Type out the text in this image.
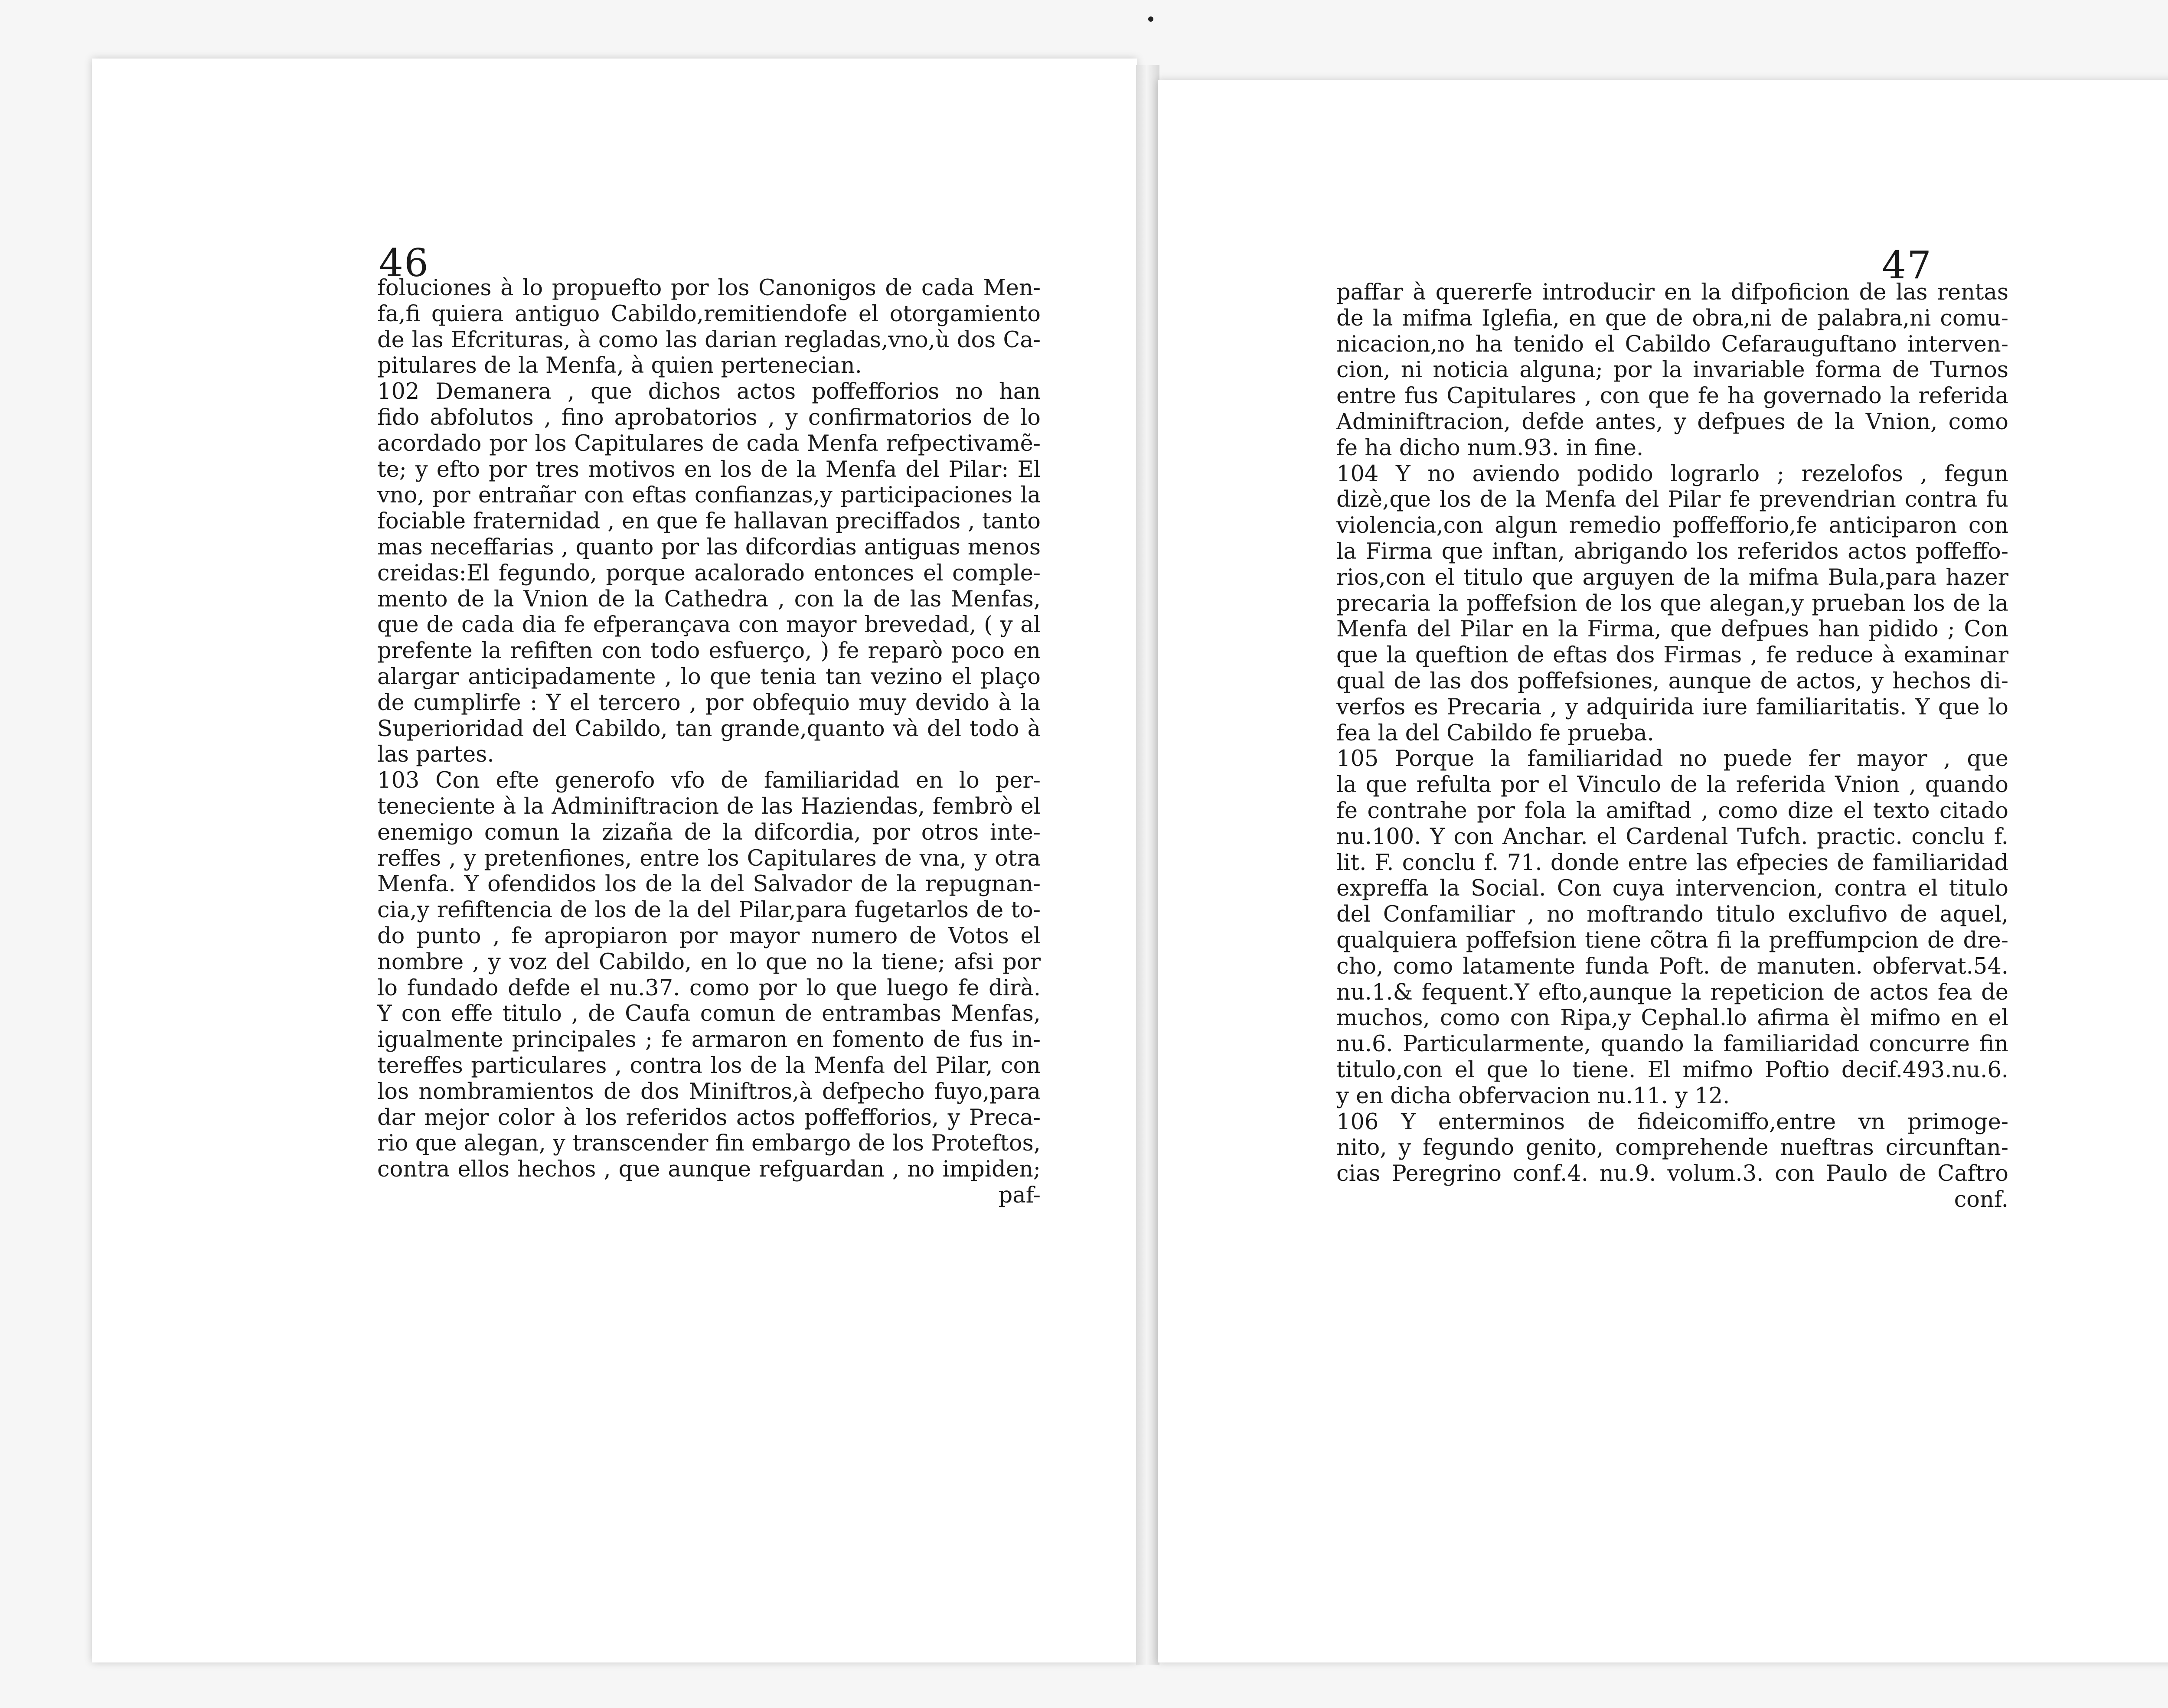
46
foluciones à lo propuefto por los Canonigos de cada Men-
fa,fi quiera antiguo Cabildo,remitiendofe el otorgamiento
de las Efcrituras, à como las darian regladas,vno,ù dos Ca-
pitulares de la Menfa, à quien pertenecian.
102 Demanera , que dichos actos poffefforios no han
fido abfolutos , fino aprobatorios , y confirmatorios de lo
acordado por los Capitulares de cada Menfa refpectivamẽ-
te; y efto por tres motivos en los de la Menfa del Pilar: El
vno, por entrañar con eftas confianzas,y participaciones la
fociable fraternidad , en que fe hallavan preciffados , tanto
mas neceffarias , quanto por las difcordias antiguas menos
creidas:El fegundo, porque acalorado entonces el comple-
mento de la Vnion de la Cathedra , con la de las Menfas,
que de cada dia fe efperançava con mayor brevedad, ( y al
prefente la refiften con todo esfuerço, ) fe reparò poco en
alargar anticipadamente , lo que tenia tan vezino el plaço
de cumplirfe : Y el tercero , por obfequio muy devido à la
Superioridad del Cabildo, tan grande,quanto và del todo à
las partes.
103 Con efte generofo vfo de familiaridad en lo per-
teneciente à la Adminiftracion de las Haziendas, fembrò el
enemigo comun la zizaña de la difcordia, por otros inte-
reffes , y pretenfiones, entre los Capitulares de vna, y otra
Menfa. Y ofendidos los de la del Salvador de la repugnan-
cia,y refiftencia de los de la del Pilar,para fugetarlos de to-
do punto , fe apropiaron por mayor numero de Votos el
nombre , y voz del Cabildo, en lo que no la tiene; afsi por
lo fundado defde el nu.37. como por lo que luego fe dirà.
Y con effe titulo , de Caufa comun de entrambas Menfas,
igualmente principales ; fe armaron en fomento de fus in-
tereffes particulares , contra los de la Menfa del Pilar, con
los nombramientos de dos Miniftros,à defpecho fuyo,para
dar mejor color à los referidos actos poffefforios, y Preca-
rio que alegan, y transcender fin embargo de los Proteftos,
contra ellos hechos , que aunque refguardan , no impiden;
paf-
47
paffar à quererfe introducir en la difpoficion de las rentas
de la mifma Iglefia, en que de obra,ni de palabra,ni comu-
nicacion,no ha tenido el Cabildo Cefarauguftano interven-
cion, ni noticia alguna; por la invariable forma de Turnos
entre fus Capitulares , con que fe ha governado la referida
Adminiftracion, defde antes, y defpues de la Vnion, como
fe ha dicho num.93. in fine.
104 Y no aviendo podido lograrlo ; rezelofos , fegun
dizè,que los de la Menfa del Pilar fe prevendrian contra fu
violencia,con algun remedio poffefforio,fe anticiparon con
la Firma que inftan, abrigando los referidos actos poffeffo-
rios,con el titulo que arguyen de la mifma Bula,para hazer
precaria la poffefsion de los que alegan,y prueban los de la
Menfa del Pilar en la Firma, que defpues han pidido ; Con
que la queftion de eftas dos Firmas , fe reduce à examinar
qual de las dos poffefsiones, aunque de actos, y hechos di-
verfos es Precaria , y adquirida iure familiaritatis. Y que lo
fea la del Cabildo fe prueba.
105 Porque la familiaridad no puede fer mayor , que
la que refulta por el Vinculo de la referida Vnion , quando
fe contrahe por fola la amiftad , como dize el texto citado
nu.100. Y con Anchar. el Cardenal Tufch. practic. conclu f.
lit. F. conclu f. 71. donde entre las efpecies de familiaridad
expreffa la Social. Con cuya intervencion, contra el titulo
del Confamiliar , no moftrando titulo exclufivo de aquel,
qualquiera poffefsion tiene cõtra fi la preffumpcion de dre-
cho, como latamente funda Poft. de manuten. obfervat.54.
nu.1.& fequent.Y efto,aunque la repeticion de actos fea de
muchos, como con Ripa,y Cephal.lo afirma èl mifmo en el
nu.6. Particularmente, quando la familiaridad concurre fin
titulo,con el que lo tiene. El mifmo Poftio decif.493.nu.6.
y en dicha obfervacion nu.11. y 12.
106 Y enterminos de fideicomiffo,entre vn primoge-
nito, y fegundo genito, comprehende nueftras circunftan-
cias Peregrino conf.4. nu.9. volum.3. con Paulo de Caftro
conf.
